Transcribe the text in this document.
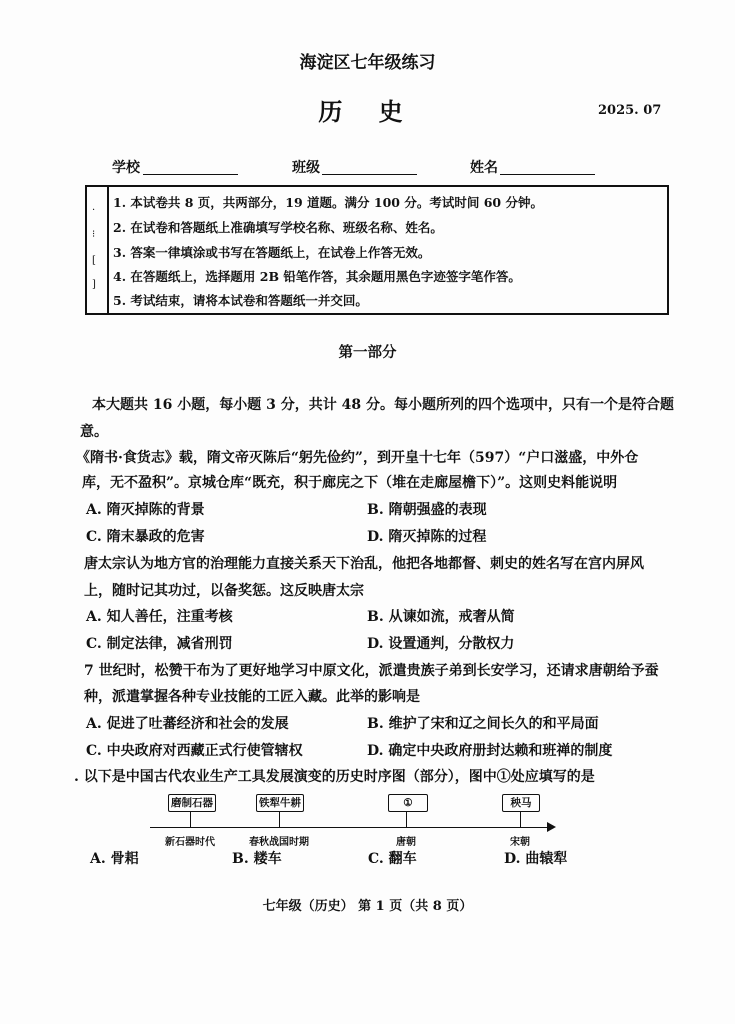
海淀区七年级练习
历 史	2025. 07
学校	班级	姓名
·
⁝
[
]
1. 本试卷共 8 页，共两部分，19 道题。满分 100 分。考试时间 60 分钟。
2. 在试卷和答题纸上准确填写学校名称、班级名称、姓名。
3. 答案一律填涂或书写在答题纸上，在试卷上作答无效。
4. 在答题纸上，选择题用 2B 铅笔作答，其余题用黑色字迹签字笔作答。
5. 考试结束，请将本试卷和答题纸一并交回。
第一部分
本大题共 16 小题，每小题 3 分，共计 48 分。每小题所列的四个选项中，只有一个是符合题
意。
《隋书·食货志》载，隋文帝灭陈后“躬先俭约”，到开皇十七年（597）“户口滋盛，中外仓
库，无不盈积”。京城仓库“既充，积于廊庑之下（堆在走廊屋檐下）”。这则史料能说明
A. 隋灭掉陈的背景	B. 隋朝强盛的表现
C. 隋末暴政的危害	D. 隋灭掉陈的过程
唐太宗认为地方官的治理能力直接关系天下治乱，他把各地都督、刺史的姓名写在宫内屏风
上，随时记其功过，以备奖惩。这反映唐太宗
A. 知人善任，注重考核	B. 从谏如流，戒奢从简
C. 制定法律，减省刑罚	D. 设置通判，分散权力
7 世纪时，松赞干布为了更好地学习中原文化，派遣贵族子弟到长安学习，还请求唐朝给予蚕
种，派遣掌握各种专业技能的工匠入藏。此举的影响是
A. 促进了吐蕃经济和社会的发展	B. 维护了宋和辽之间长久的和平局面
C. 中央政府对西藏正式行使管辖权	D. 确定中央政府册封达赖和班禅的制度
. 以下是中国古代农业生产工具发展演变的历史时序图（部分），图中①处应填写的是
磨制石器
新石器时代
铁犁牛耕
春秋战国时期
①
唐朝
秧马
宋朝
A. 骨耜	B. 耧车	C. 翻车	D. 曲辕犁
七年级（历史） 第 1 页（共 8 页）
